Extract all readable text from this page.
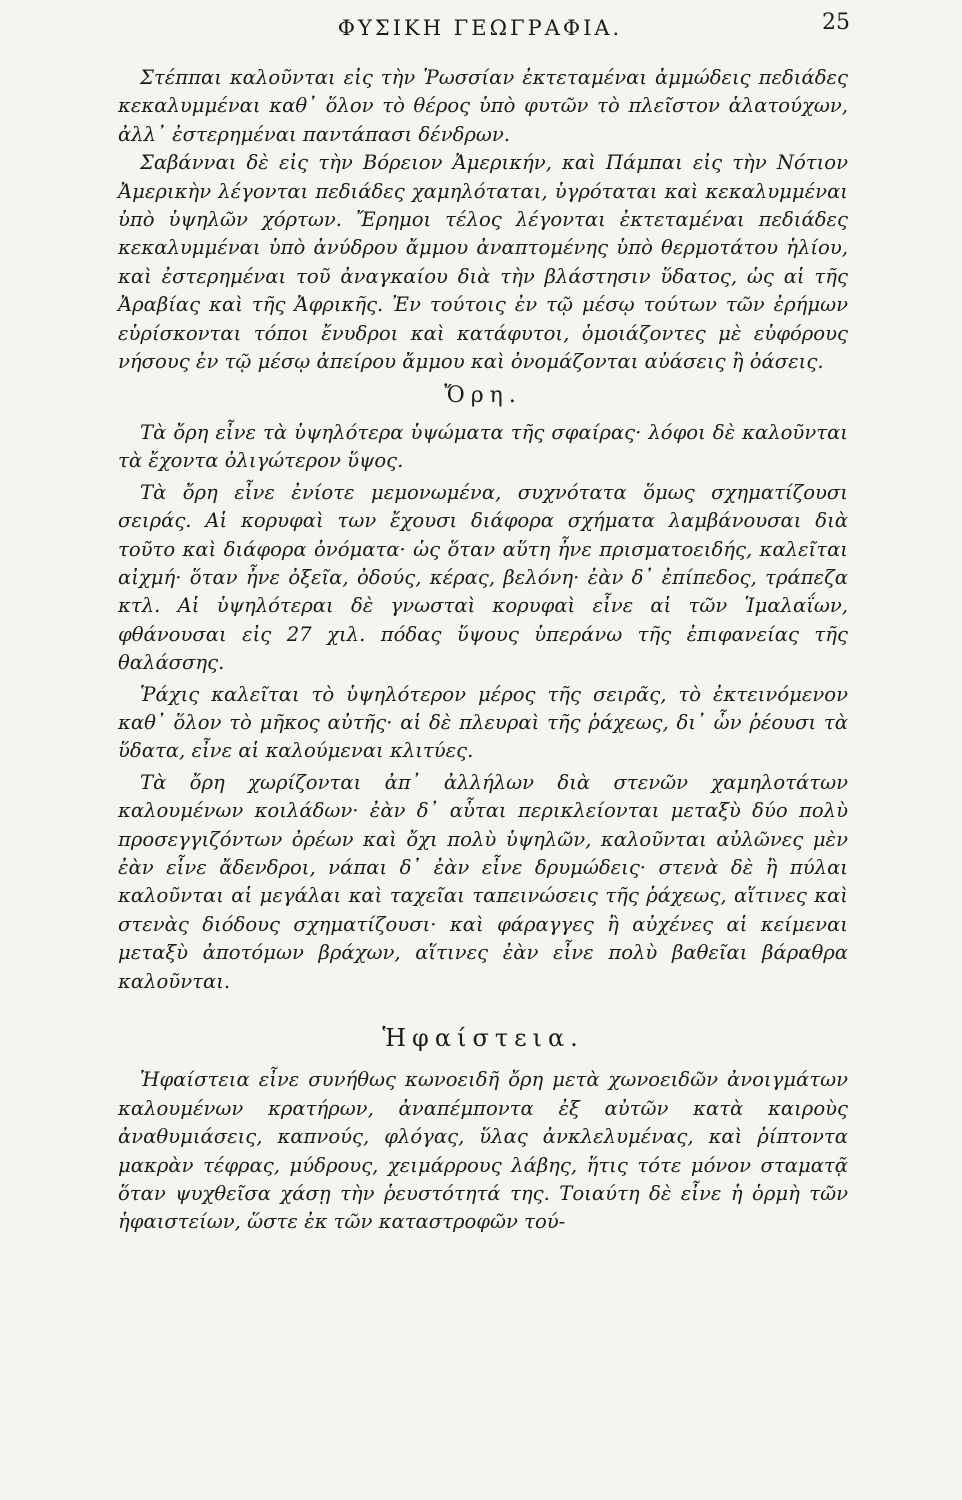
ΦΥΣΙΚΗ ΓΕΩΓΡΑΦΙΑ.	25

Στέππαι καλοῦνται εἰς τὴν Ῥωσσίαν ἐκτεταμέναι ἀμμώδεις πεδιάδες κεκαλυμμέναι καθ᾽ ὅλον τὸ θέρος ὑπὸ φυτῶν τὸ πλεῖστον ἁλατούχων, ἀλλ᾽ ἐστερημέναι παντάπασι δένδρων.

Σαβάνναι δὲ εἰς τὴν Βόρειον Ἀμερικήν, καὶ Πάμπαι εἰς τὴν Νότιον Ἀμερικὴν λέγονται πεδιάδες χαμηλόταται, ὑγρόταται καὶ κεκαλυμμέναι ὑπὸ ὑψηλῶν χόρτων. Ἔρημοι τέλος λέγονται ἐκτεταμέναι πεδιάδες κεκαλυμμέναι ὑπὸ ἀνύδρου ἄμμου ἀναπτομένης ὑπὸ θερμοτάτου ἡλίου, καὶ ἐστερημέναι τοῦ ἀναγκαίου διὰ τὴν βλάστησιν ὕδατος, ὡς αἱ τῆς Ἀραβίας καὶ τῆς Ἀφρικῆς. Ἐν τούτοις ἐν τῷ μέσῳ τούτων τῶν ἐρήμων εὑρίσκονται τόποι ἔνυδροι καὶ κατάφυτοι, ὁμοιάζοντες μὲ εὐφόρους νήσους ἐν τῷ μέσῳ ἀπείρου ἄμμου καὶ ὀνομάζονται αὐάσεις ἢ ὀάσεις.

Ὄρη.

Τὰ ὄρη εἶνε τὰ ὑψηλότερα ὑψώματα τῆς σφαίρας· λόφοι δὲ καλοῦνται τὰ ἔχοντα ὀλιγώτερον ὕψος.

Τὰ ὄρη εἶνε ἐνίοτε μεμονωμένα, συχνότατα ὅμως σχηματίζουσι σειράς. Αἱ κορυφαὶ των ἔχουσι διάφορα σχήματα λαμβάνουσαι διὰ τοῦτο καὶ διάφορα ὀνόματα· ὡς ὅταν αὕτη ἦνε πρισματοειδής, καλεῖται αἰχμή· ὅταν ἦνε ὀξεῖα, ὀδούς, κέρας, βελόνη· ἐὰν δ᾽ ἐπίπεδος, τράπεζα κτλ. Αἱ ὑψηλότεραι δὲ γνωσταὶ κορυφαὶ εἶνε αἱ τῶν Ἱμαλαΐων, φθάνουσαι εἰς 27 χιλ. πόδας ὕψους ὑπεράνω τῆς ἐπιφανείας τῆς θαλάσσης.

Ῥάχις καλεῖται τὸ ὑψηλότερον μέρος τῆς σειρᾶς, τὸ ἐκτεινόμενον καθ᾽ ὅλον τὸ μῆκος αὐτῆς· αἱ δὲ πλευραὶ τῆς ῥάχεως, δι᾽ ὧν ῥέουσι τὰ ὕδατα, εἶνε αἱ καλούμεναι κλιτύες.

Τὰ ὄρη χωρίζονται ἀπ᾽ ἀλλήλων διὰ στενῶν χαμηλοτάτων καλουμένων κοιλάδων· ἐὰν δ᾽ αὗται περικλείονται μεταξὺ δύο πολὺ προσεγγιζόντων ὀρέων καὶ ὄχι πολὺ ὑψηλῶν, καλοῦνται αὐλῶνες μὲν ἐὰν εἶνε ἄδενδροι, νάπαι δ᾽ ἐὰν εἶνε δρυμώδεις· στενὰ δὲ ἢ πύλαι καλοῦνται αἱ μεγάλαι καὶ ταχεῖαι ταπεινώσεις τῆς ῥάχεως, αἵτινες καὶ στενὰς διόδους σχηματίζουσι· καὶ φάραγγες ἢ αὐχένες αἱ κείμεναι μεταξὺ ἀποτόμων βράχων, αἵτινες ἐὰν εἶνε πολὺ βαθεῖαι βάραθρα καλοῦνται.

Ἡφαίστεια.

Ἡφαίστεια εἶνε συνήθως κωνοειδῆ ὄρη μετὰ χωνοειδῶν ἀνοιγμάτων καλουμένων κρατήρων, ἀναπέμποντα ἐξ αὐτῶν κατὰ καιροὺς ἀναθυμιάσεις, καπνούς, φλόγας, ὕλας ἀνκλελυμένας, καὶ ῥίπτοντα μακρὰν τέφρας, μύδρους, χειμάρρους λάβης, ἥτις τότε μόνον σταματᾷ ὅταν ψυχθεῖσα χάσῃ τὴν ῥευστότητά της. Τοιαύτη δὲ εἶνε ἡ ὁρμὴ τῶν ἡφαιστείων, ὥστε ἐκ τῶν καταστροφῶν τού-
